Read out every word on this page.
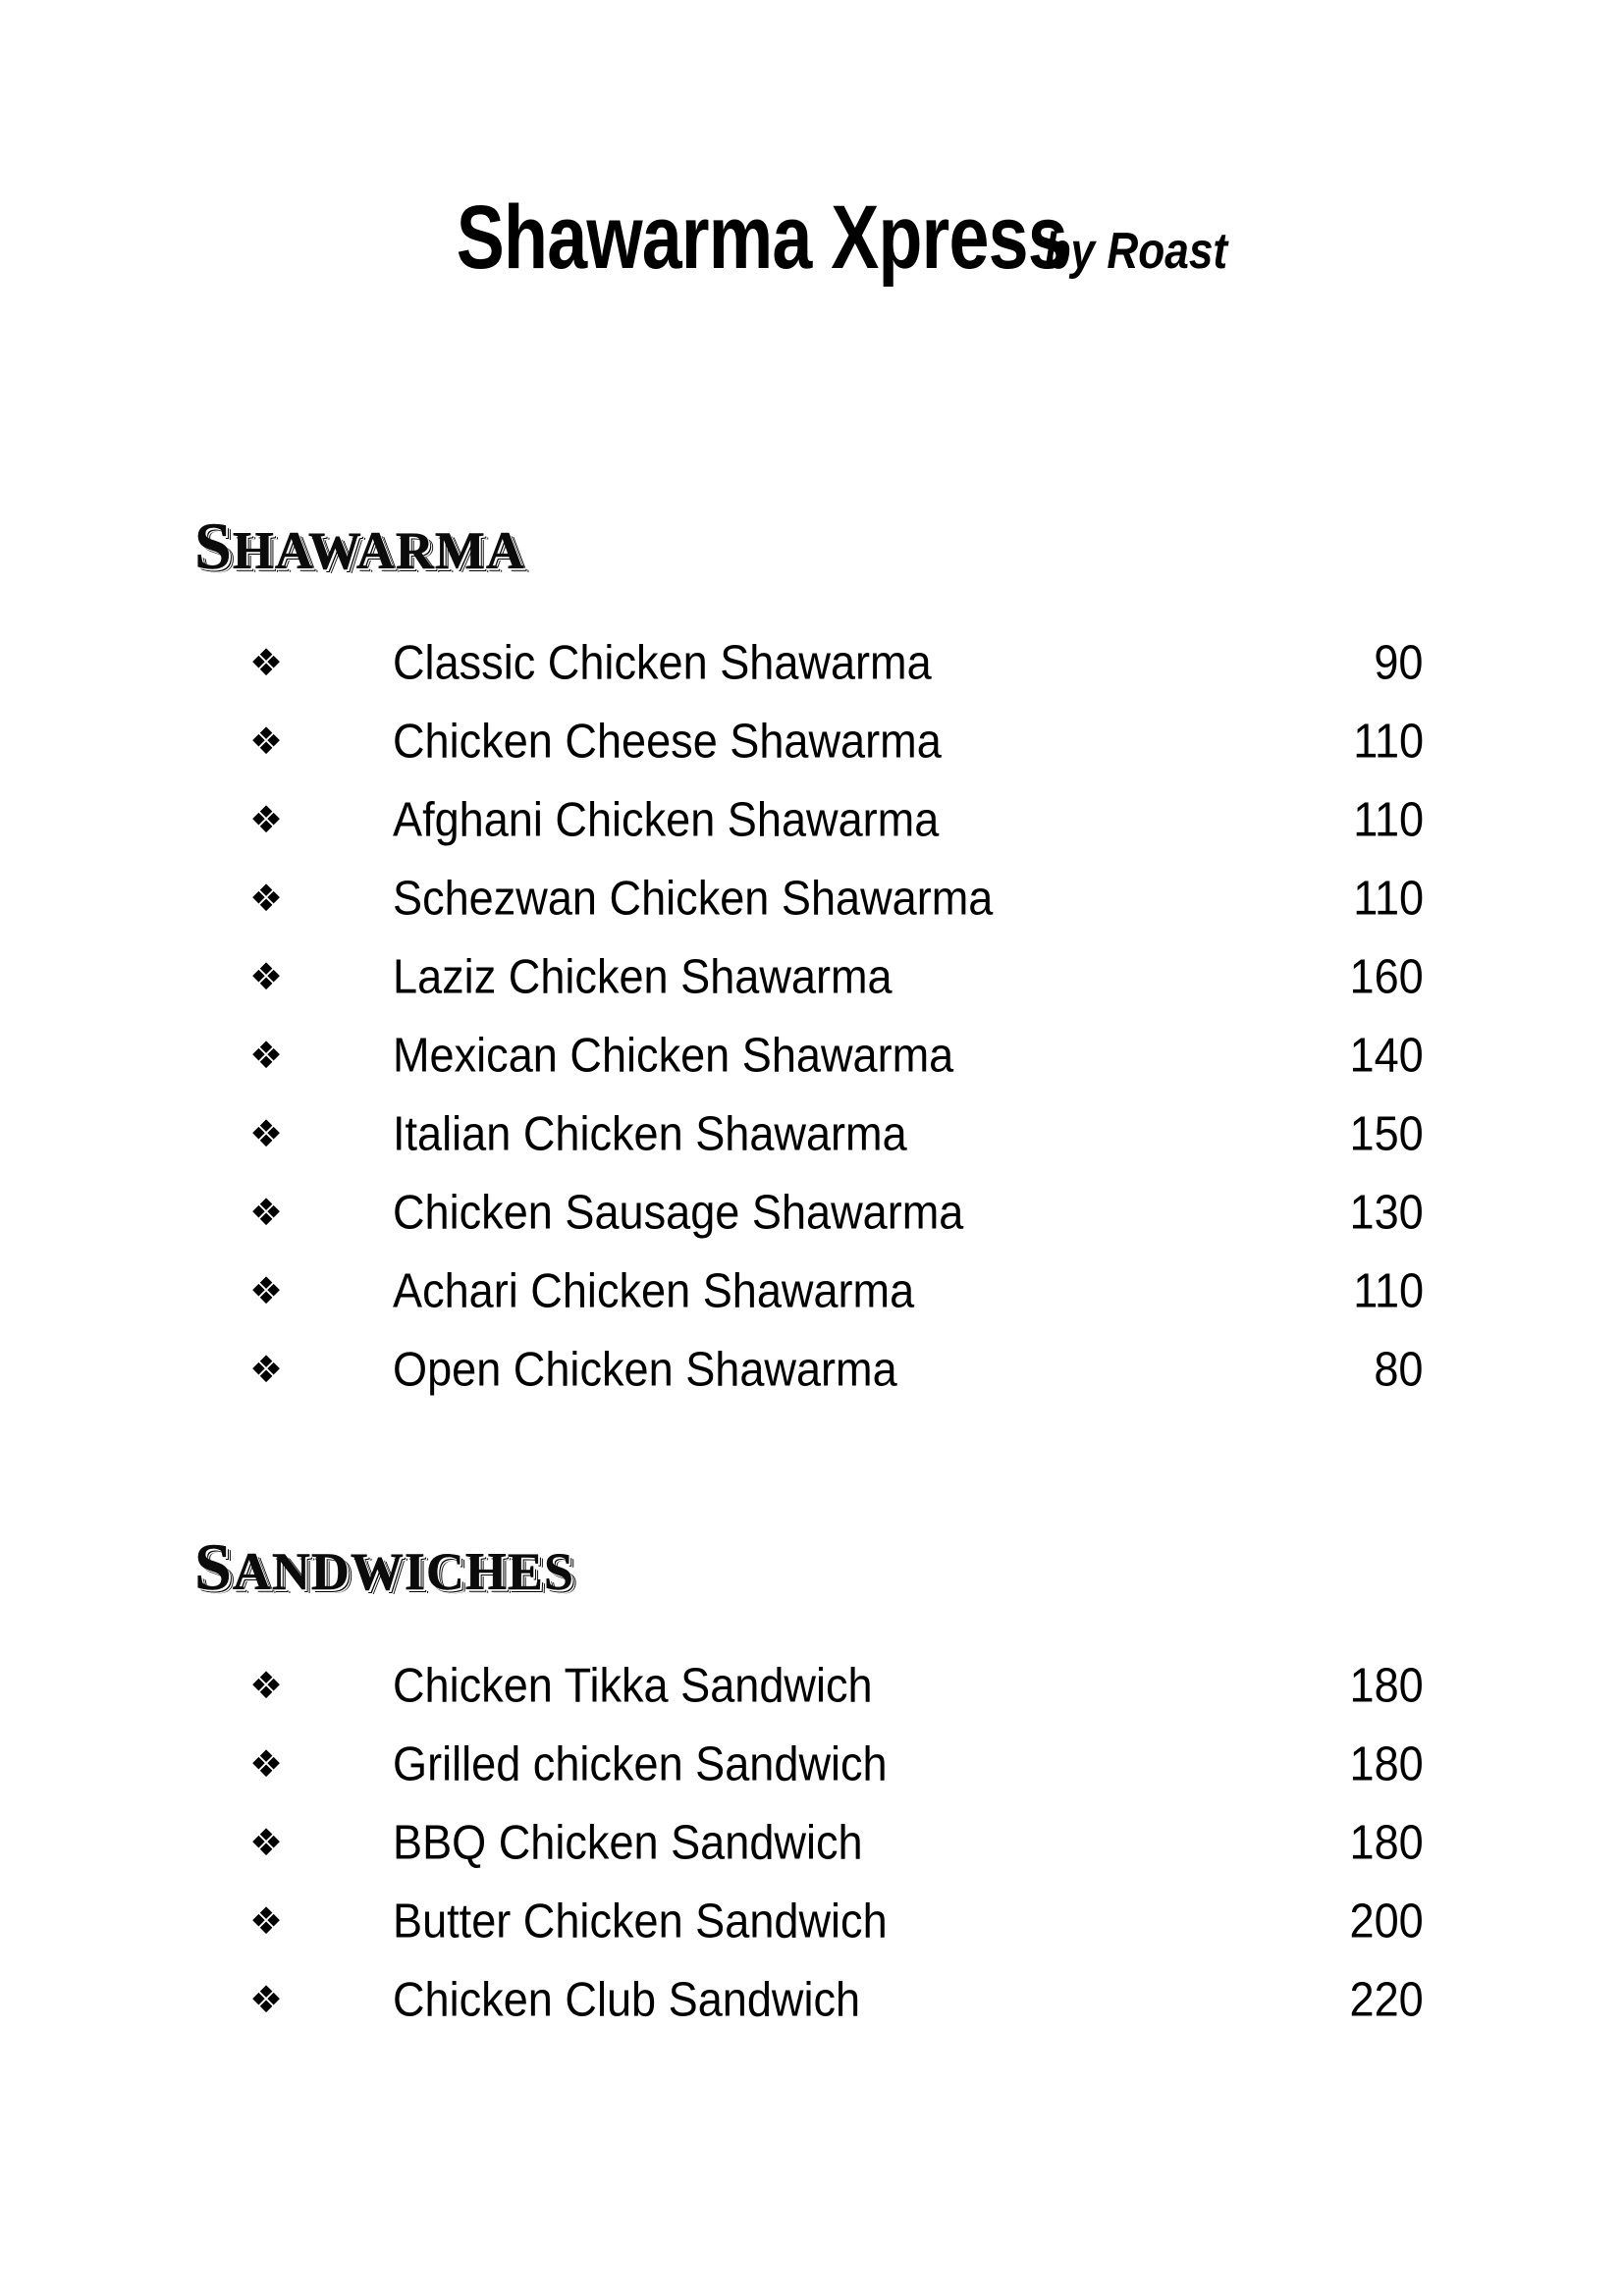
Shawarma Xpress
by Roast
SHAWARMA
❖ Classic Chicken Shawarma	90
❖ Chicken Cheese Shawarma	110
❖ Afghani Chicken Shawarma	110
❖ Schezwan Chicken Shawarma	110
❖ Laziz Chicken Shawarma	160
❖ Mexican Chicken Shawarma	140
❖ Italian Chicken Shawarma	150
❖ Chicken Sausage Shawarma	130
❖ Achari Chicken Shawarma	110
❖ Open Chicken Shawarma	80
SANDWICHES
❖ Chicken Tikka Sandwich	180
❖ Grilled chicken Sandwich	180
❖ BBQ Chicken Sandwich	180
❖ Butter Chicken Sandwich	200
❖ Chicken Club Sandwich	220
